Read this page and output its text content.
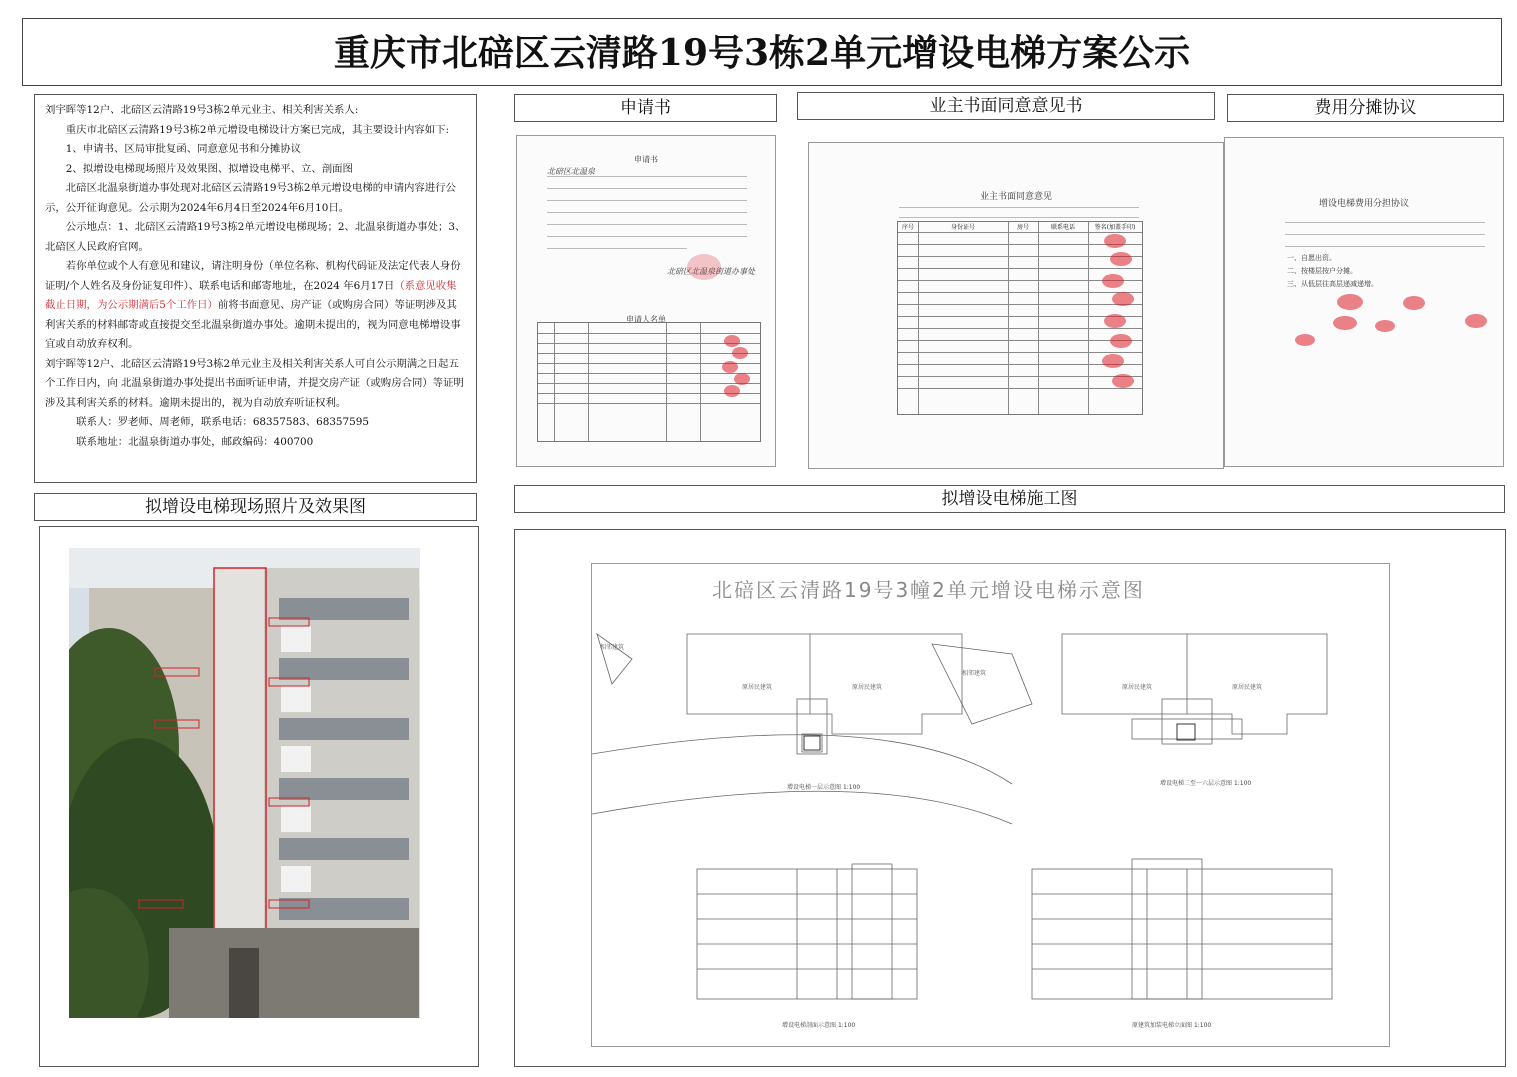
重庆市北碚区云清路19号3栋2单元增设电梯方案公示

刘宇晖等12户、北碚区云清路19号3栋2单元业主、相关利害关系人:

重庆市北碚区云清路19号3栋2单元增设电梯设计方案已完成，其主要设计内容如下:

1、申请书、区局审批复函、同意意见书和分摊协议

2、拟增设电梯现场照片及效果图、拟增设电梯平、立、剖面图

北碚区北温泉街道办事处现对北碚区云清路19号3栋2单元增设电梯的申请内容进行公示，公开征询意见。公示期为2024年6月4日至2024年6月10日。

公示地点：1、北碚区云清路19号3栋2单元增设电梯现场；2、北温泉街道办事处；3、北碚区人民政府官网。

若你单位或个人有意见和建议，请注明身份（单位名称、机构代码证及法定代表人身份证明/个人姓名及身份证复印件）、联系电话和邮寄地址，在2024 年6月17日（系意见收集截止日期，为公示期满后5个工作日）前将书面意见、房产证（或购房合同）等证明涉及其利害关系的材料邮寄或直接提交至北温泉街道办事处。逾期未提出的，视为同意电梯增设事宜或自动放弃权利。

刘宇晖等12户、北碚区云清路19号3栋2单元业主及相关利害关系人可自公示期满之日起五个工作日内，向 北温泉街道办事处提出书面听证申请，并提交房产证（或购房合同）等证明涉及其利害关系的材料。逾期未提出的，视为自动放弃听证权利。

联系人：罗老师、周老师，联系电话：68357583、68357595

联系地址：北温泉街道办事处，邮政编码：400700

申请书	业主书面同意意见书	费用分摊协议
拟增设电梯现场照片及效果图	拟增设电梯施工图
申请书
北碚区北温泉
北碚区北温泉街道办事处
申请人名单
业主书面同意意见
序号	身份证号	房号	联系电话	签名(加盖手印)
增设电梯费用分担协议
一、自愿出资。
二、按楼层按户分摊。
三、从低层往高层递减递增。
北碚区云清路19号3幢2单元增设电梯示意图
原居民建筑	原居民建筑
相邻建筑
相邻建筑
原居民建筑	原居民建筑
增设电梯一层示意图 1:100
增设电梯二至一六层示意图 1:100
增设电梯剖面示意图 1:100	原建筑加装电梯立面图 1:100
